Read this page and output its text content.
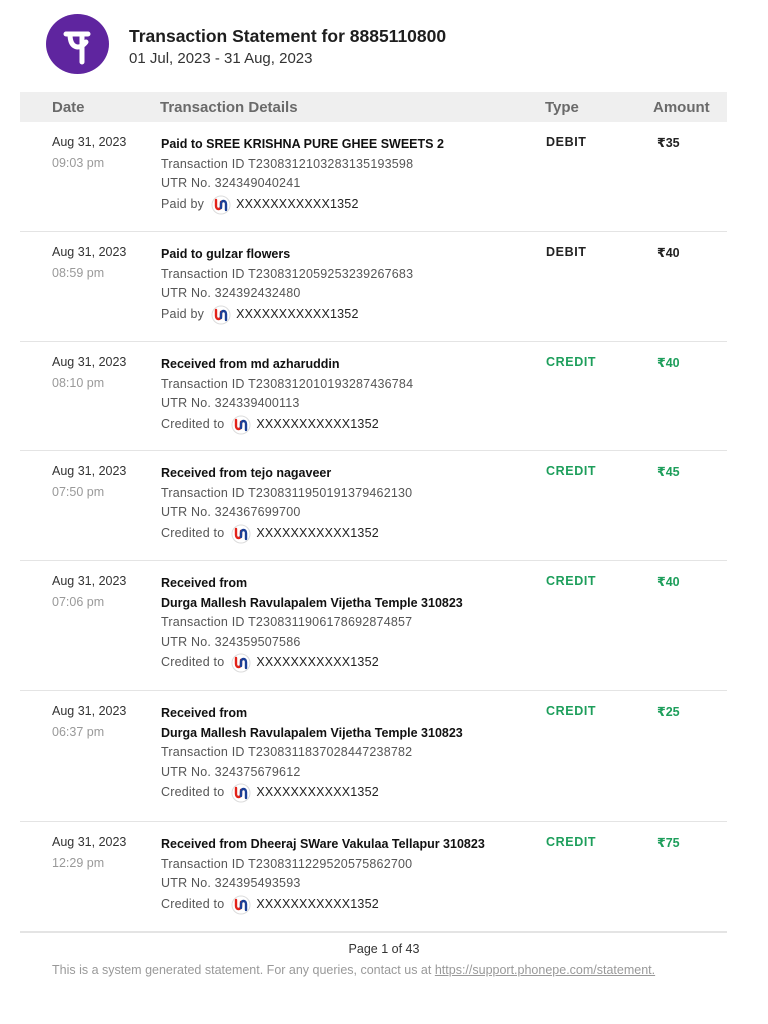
Transaction Statement for 8885110800
01 Jul, 2023 - 31 Aug, 2023
Date	Transaction Details	Type	Amount
Aug 31, 2023
09:03 pm
Paid to SREE KRISHNA PURE GHEE SWEETS 2
Transaction ID T2308312103283135193598
UTR No. 324349040241
Paid by	XXXXXXXXXXX1352
DEBIT	₹35
Aug 31, 2023
08:59 pm
Paid to gulzar flowers
Transaction ID T2308312059253239267683
UTR No. 324392432480
Paid by	XXXXXXXXXXX1352
DEBIT	₹40
Aug 31, 2023
08:10 pm
Received from md azharuddin
Transaction ID T2308312010193287436784
UTR No. 324339400113
Credited to	XXXXXXXXXXX1352
CREDIT	₹40
Aug 31, 2023
07:50 pm
Received from tejo nagaveer
Transaction ID T2308311950191379462130
UTR No. 324367699700
Credited to	XXXXXXXXXXX1352
CREDIT	₹45
Aug 31, 2023
07:06 pm
Received from
Durga Mallesh Ravulapalem Vijetha Temple 310823
Transaction ID T2308311906178692874857
UTR No. 324359507586
Credited to	XXXXXXXXXXX1352
CREDIT	₹40
Aug 31, 2023
06:37 pm
Received from
Durga Mallesh Ravulapalem Vijetha Temple 310823
Transaction ID T2308311837028447238782
UTR No. 324375679612
Credited to	XXXXXXXXXXX1352
CREDIT	₹25
Aug 31, 2023
12:29 pm
Received from Dheeraj SWare Vakulaa Tellapur 310823
Transaction ID T2308311229520575862700
UTR No. 324395493593
Credited to	XXXXXXXXXXX1352
CREDIT	₹75
Page 1 of 43
This is a system generated statement. For any queries, contact us at https://support.phonepe.com/statement.
